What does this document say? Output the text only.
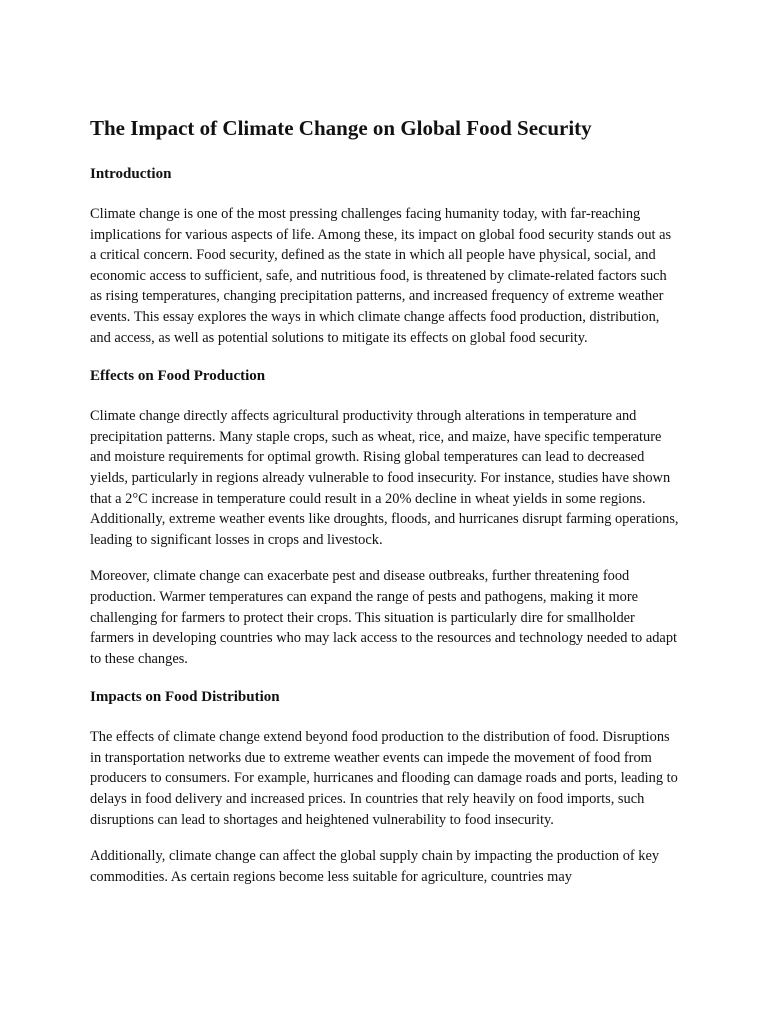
The Impact of Climate Change on Global Food Security
Introduction

Climate change is one of the most pressing challenges facing humanity today, with far-reaching implications for various aspects of life. Among these, its impact on global food security stands out as a critical concern. Food security, defined as the state in which all people have physical, social, and economic access to sufficient, safe, and nutritious food, is threatened by climate-related factors such as rising temperatures, changing precipitation patterns, and increased frequency of extreme weather events. This essay explores the ways in which climate change affects food production, distribution, and access, as well as potential solutions to mitigate its effects on global food security.

Effects on Food Production

Climate change directly affects agricultural productivity through alterations in temperature and precipitation patterns. Many staple crops, such as wheat, rice, and maize, have specific temperature and moisture requirements for optimal growth. Rising global temperatures can lead to decreased yields, particularly in regions already vulnerable to food insecurity. For instance, studies have shown that a 2°C increase in temperature could result in a 20% decline in wheat yields in some regions. Additionally, extreme weather events like droughts, floods, and hurricanes disrupt farming operations, leading to significant losses in crops and livestock.

Moreover, climate change can exacerbate pest and disease outbreaks, further threatening food production. Warmer temperatures can expand the range of pests and pathogens, making it more challenging for farmers to protect their crops. This situation is particularly dire for smallholder farmers in developing countries who may lack access to the resources and technology needed to adapt to these changes.

Impacts on Food Distribution

The effects of climate change extend beyond food production to the distribution of food. Disruptions in transportation networks due to extreme weather events can impede the movement of food from producers to consumers. For example, hurricanes and flooding can damage roads and ports, leading to delays in food delivery and increased prices. In countries that rely heavily on food imports, such disruptions can lead to shortages and heightened vulnerability to food insecurity.

Additionally, climate change can affect the global supply chain by impacting the production of key commodities. As certain regions become less suitable for agriculture, countries may
